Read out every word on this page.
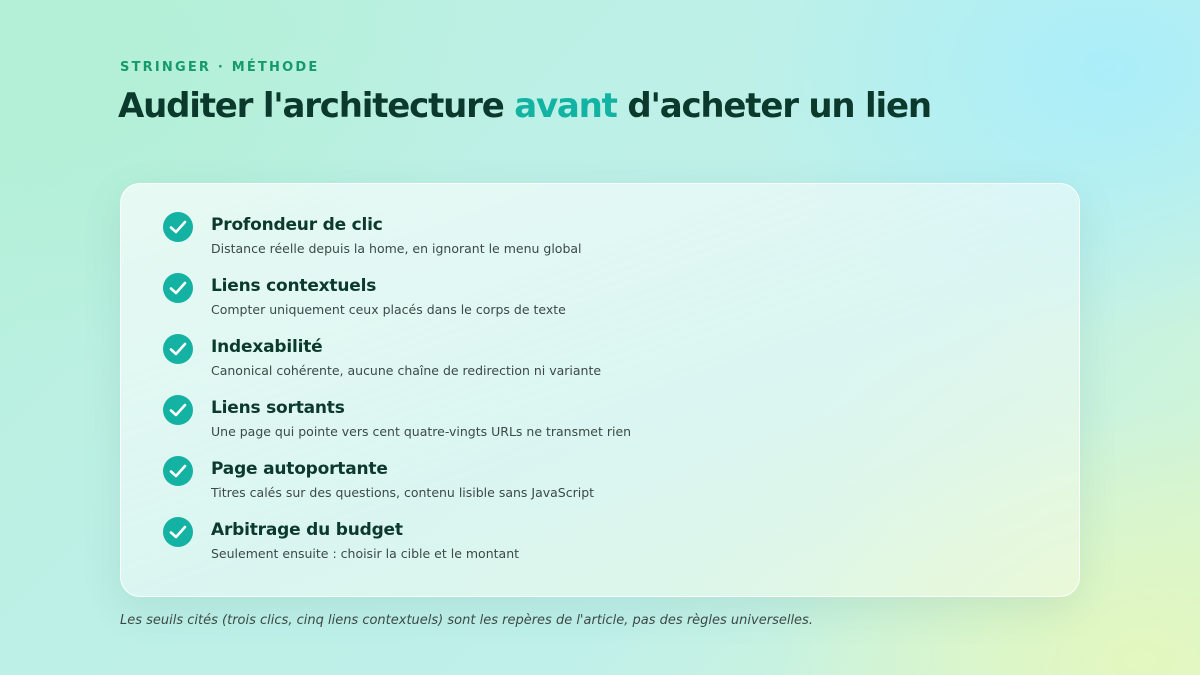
STRINGER · MÉTHODE
Auditer l'architecture avant d'acheter un lien
Profondeur de clic
Distance réelle depuis la home, en ignorant le menu global
Liens contextuels
Compter uniquement ceux placés dans le corps de texte
Indexabilité
Canonical cohérente, aucune chaîne de redirection ni variante
Liens sortants
Une page qui pointe vers cent quatre-vingts URLs ne transmet rien
Page autoportante
Titres calés sur des questions, contenu lisible sans JavaScript
Arbitrage du budget
Seulement ensuite : choisir la cible et le montant
Les seuils cités (trois clics, cinq liens contextuels) sont les repères de l'article, pas des règles universelles.
